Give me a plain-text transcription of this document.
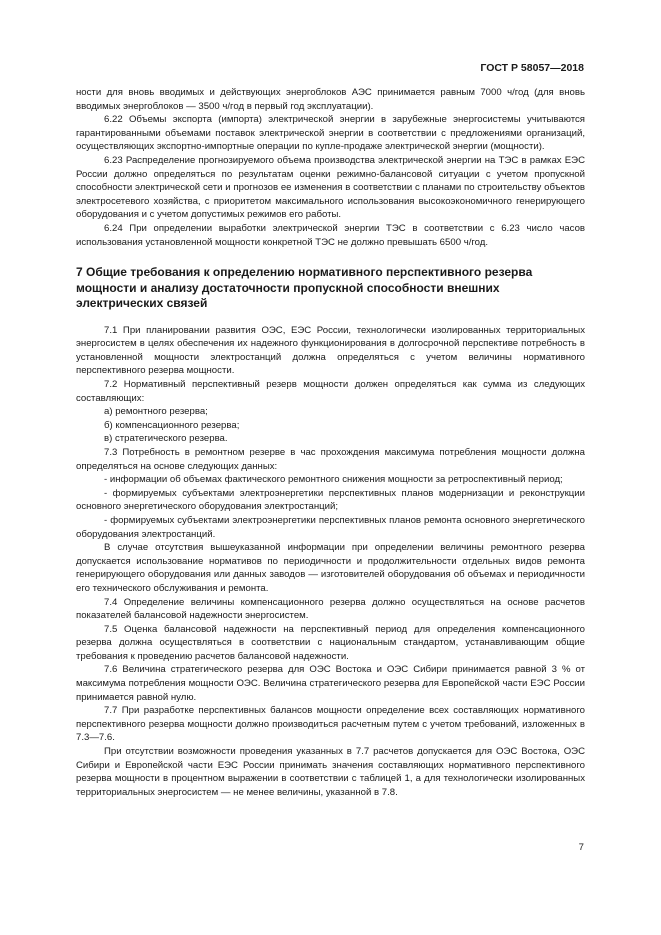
ГОСТ Р 58057—2018

ности для вновь вводимых и действующих энергоблоков АЭС принимается равным 7000 ч/год (для вновь вводимых энергоблоков — 3500 ч/год в первый год эксплуатации).

6.22 Объемы экспорта (импорта) электрической энергии в зарубежные энергосистемы учитываются гарантированными объемами поставок электрической энергии в соответствии с предложениями организаций, осуществляющих экспортно-импортные операции по купле-продаже электрической энергии (мощности).

6.23 Распределение прогнозируемого объема производства электрической энергии на ТЭС в рамках ЕЭС России должно определяться по результатам оценки режимно-балансовой ситуации с учетом пропускной способности электрической сети и прогнозов ее изменения в соответствии с планами по строительству объектов электросетевого хозяйства, с приоритетом максимального использования высокоэкономичного генерирующего оборудования и с учетом допустимых режимов его работы.

6.24 При определении выработки электрической энергии ТЭС в соответствии с 6.23 число часов использования установленной мощности конкретной ТЭС не должно превышать 6500 ч/год.

7 Общие требования к определению нормативного перспективного резерва мощности и анализу достаточности пропускной способности внешних электрических связей

7.1 При планировании развития ОЭС, ЕЭС России, технологически изолированных территориальных энергосистем в целях обеспечения их надежного функционирования в долгосрочной перспективе потребность в установленной мощности электростанций должна определяться с учетом величины нормативного перспективного резерва мощности.

7.2 Нормативный перспективный резерв мощности должен определяться как сумма из следующих составляющих:

а) ремонтного резерва;

б) компенсационного резерва;

в) стратегического резерва.

7.3 Потребность в ремонтном резерве в час прохождения максимума потребления мощности должна определяться на основе следующих данных:

- информации об объемах фактического ремонтного снижения мощности за ретроспективный период;

- формируемых субъектами электроэнергетики перспективных планов модернизации и реконструкции основного энергетического оборудования электростанций;

- формируемых субъектами электроэнергетики перспективных планов ремонта основного энергетического оборудования электростанций.

В случае отсутствия вышеуказанной информации при определении величины ремонтного резерва допускается использование нормативов по периодичности и продолжительности отдельных видов ремонта генерирующего оборудования или данных заводов — изготовителей оборудования об объемах и периодичности его технического обслуживания и ремонта.

7.4 Определение величины компенсационного резерва должно осуществляться на основе расчетов показателей балансовой надежности энергосистем.

7.5 Оценка балансовой надежности на перспективный период для определения компенсационного резерва должна осуществляться в соответствии с национальным стандартом, устанавливающим общие требования к проведению расчетов балансовой надежности.

7.6 Величина стратегического резерва для ОЭС Востока и ОЭС Сибири принимается равной 3 % от максимума потребления мощности ОЭС. Величина стратегического резерва для Европейской части ЕЭС России принимается равной нулю.

7.7 При разработке перспективных балансов мощности определение всех составляющих нормативного перспективного резерва мощности должно производиться расчетным путем с учетом требований, изложенных в 7.3—7.6.

При отсутствии возможности проведения указанных в 7.7 расчетов допускается для ОЭС Востока, ОЭС Сибири и Европейской части ЕЭС России принимать значения составляющих нормативного перспективного резерва мощности в процентном выражении в соответствии с таблицей 1, а для технологически изолированных территориальных энергосистем — не менее величины, указанной в 7.8.

7
